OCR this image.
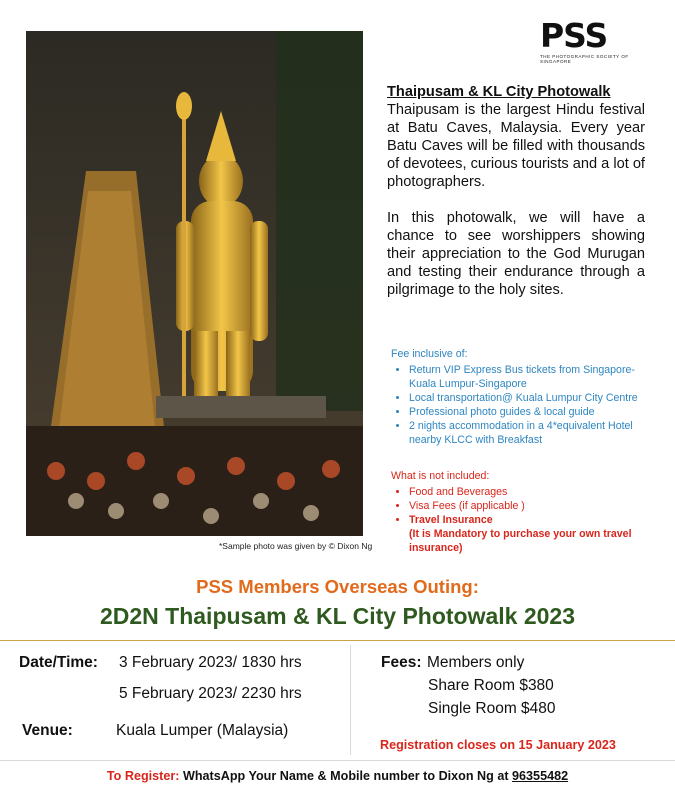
*Sample photo was given by © Dixon Ng
PSS
THE PHOTOGRAPHIC SOCIETY OF SINGAPORE
Thaipusam & KL City Photowalk

Thaipusam is the largest Hindu festival at Batu Caves, Malaysia. Every year Batu Caves will be filled with thousands of devotees, curious tourists and a lot of photographers.

In this photowalk, we will have a chance to see worshippers showing their appreciation to the God Murugan and testing their endurance through a pilgrimage to the holy sites.

Fee inclusive of:
• Return VIP Express Bus tickets from Singapore- Kuala Lumpur-Singapore
• Local transportation@ Kuala Lumpur City Centre
• Professional photo guides & local guide
• 2 nights accommodation in a 4*equivalent Hotel nearby KLCC with Breakfast
What is not included:
• Food and Beverages
• Visa Fees (if applicable )
• Travel Insurance
(It is Mandatory to purchase your own travel insurance)
PSS Members Overseas Outing:
2D2N Thaipusam & KL City Photowalk 2023
Date/Time: 3 February 2023/ 1830 hrs
5 February 2023/ 2230 hrs
Venue:	Kuala Lumper (Malaysia)
Fees: Members only
Share Room $380
Single Room $480
Registration closes on 15 January 2023
To Register: WhatsApp Your Name & Mobile number to Dixon Ng at 96355482
